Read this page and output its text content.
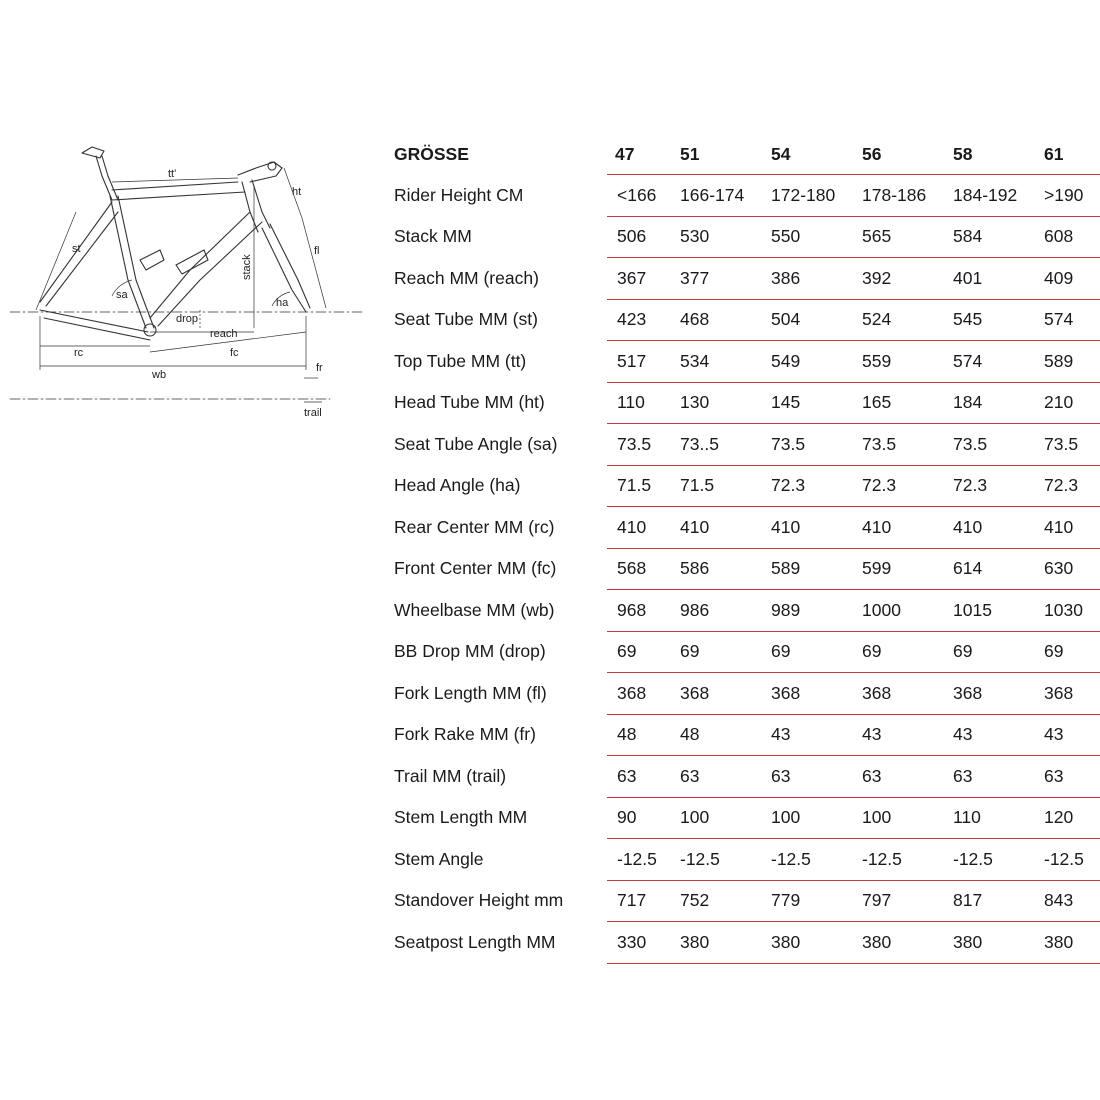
tt'
ht
st	fl
stack
sa
ha
drop
reach
rc	fc
wb
fr
trail
GRÖSSE	47	51	54	56	58	61
Rider Height CM	<166	166-174	172-180	178-186	184-192	>190
Stack MM	506	530	550	565	584	608
Reach MM (reach)	367	377	386	392	401	409
Seat Tube MM (st)	423	468	504	524	545	574
Top Tube MM (tt)	517	534	549	559	574	589
Head Tube MM (ht)	110	130	145	165	184	210
Seat Tube Angle (sa)	73.5	73..5	73.5	73.5	73.5	73.5
Head Angle (ha)	71.5	71.5	72.3	72.3	72.3	72.3
Rear Center MM (rc)	410	410	410	410	410	410
Front Center MM (fc)	568	586	589	599	614	630
Wheelbase MM (wb)	968	986	989	1000	1015	1030
BB Drop MM (drop)	69	69	69	69	69	69
Fork Length MM (fl)	368	368	368	368	368	368
Fork Rake MM (fr)	48	48	43	43	43	43
Trail MM (trail)	63	63	63	63	63	63
Stem Length MM	90	100	100	100	110	120
Stem Angle	-12.5	-12.5	-12.5	-12.5	-12.5	-12.5
Standover Height mm	717	752	779	797	817	843
Seatpost Length MM	330	380	380	380	380	380
